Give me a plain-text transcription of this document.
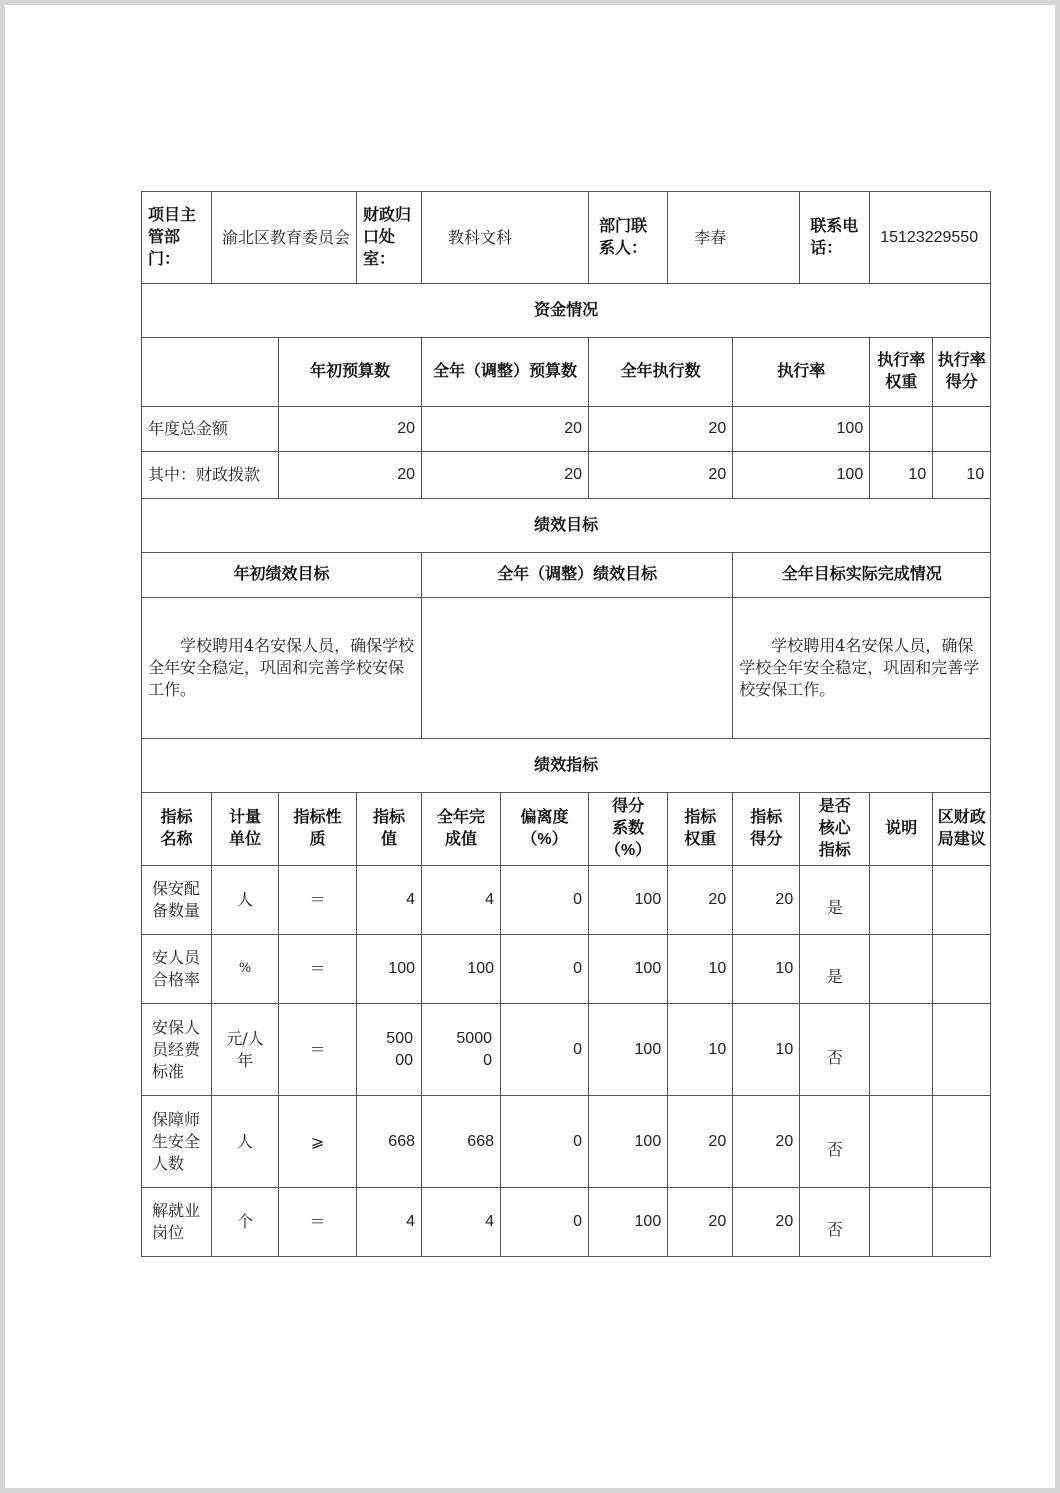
项目主管部门：	渝北区教育委员会		财政归口处室：	教科文科		部门联系人：	李春		联系电话：	15123229550	
资金情况											
		年初预算数		全年（调整）预算数		全年执行数		执行率		执行率权重	执行率得分
年度总金额		20		20		20		100			
其中：财政拨款		20		20		20		100		10	10
绩效目标											
年初绩效目标				全年（调整）绩效目标				全年目标实际完成情况			
学校聘用4名安保人员，确保学校全年安全稳定，巩固和完善学校安保工作。								学校聘用4名安保人员，确保学校全年安全稳定，巩固和完善学校安保工作。			
绩效指标											
指标名称	计量单位	指标性质	指标值	全年完成值	偏离度（%）	得分系数（%）	指标权重	指标得分	是否核心指标	说明	区财政局建议
保安配备数量	人	＝	4	4	0	100	20	20	是		
安人员合格率	%	＝	100	100	0	100	10	10	是		
安保人员经费标准	元/人年	＝	50000	50000	0	100	10	10	否		
保障师生安全人数	人	⩾	668	668	0	100	20	20	否		
解就业岗位	个	＝	4	4	0	100	20	20	否		
